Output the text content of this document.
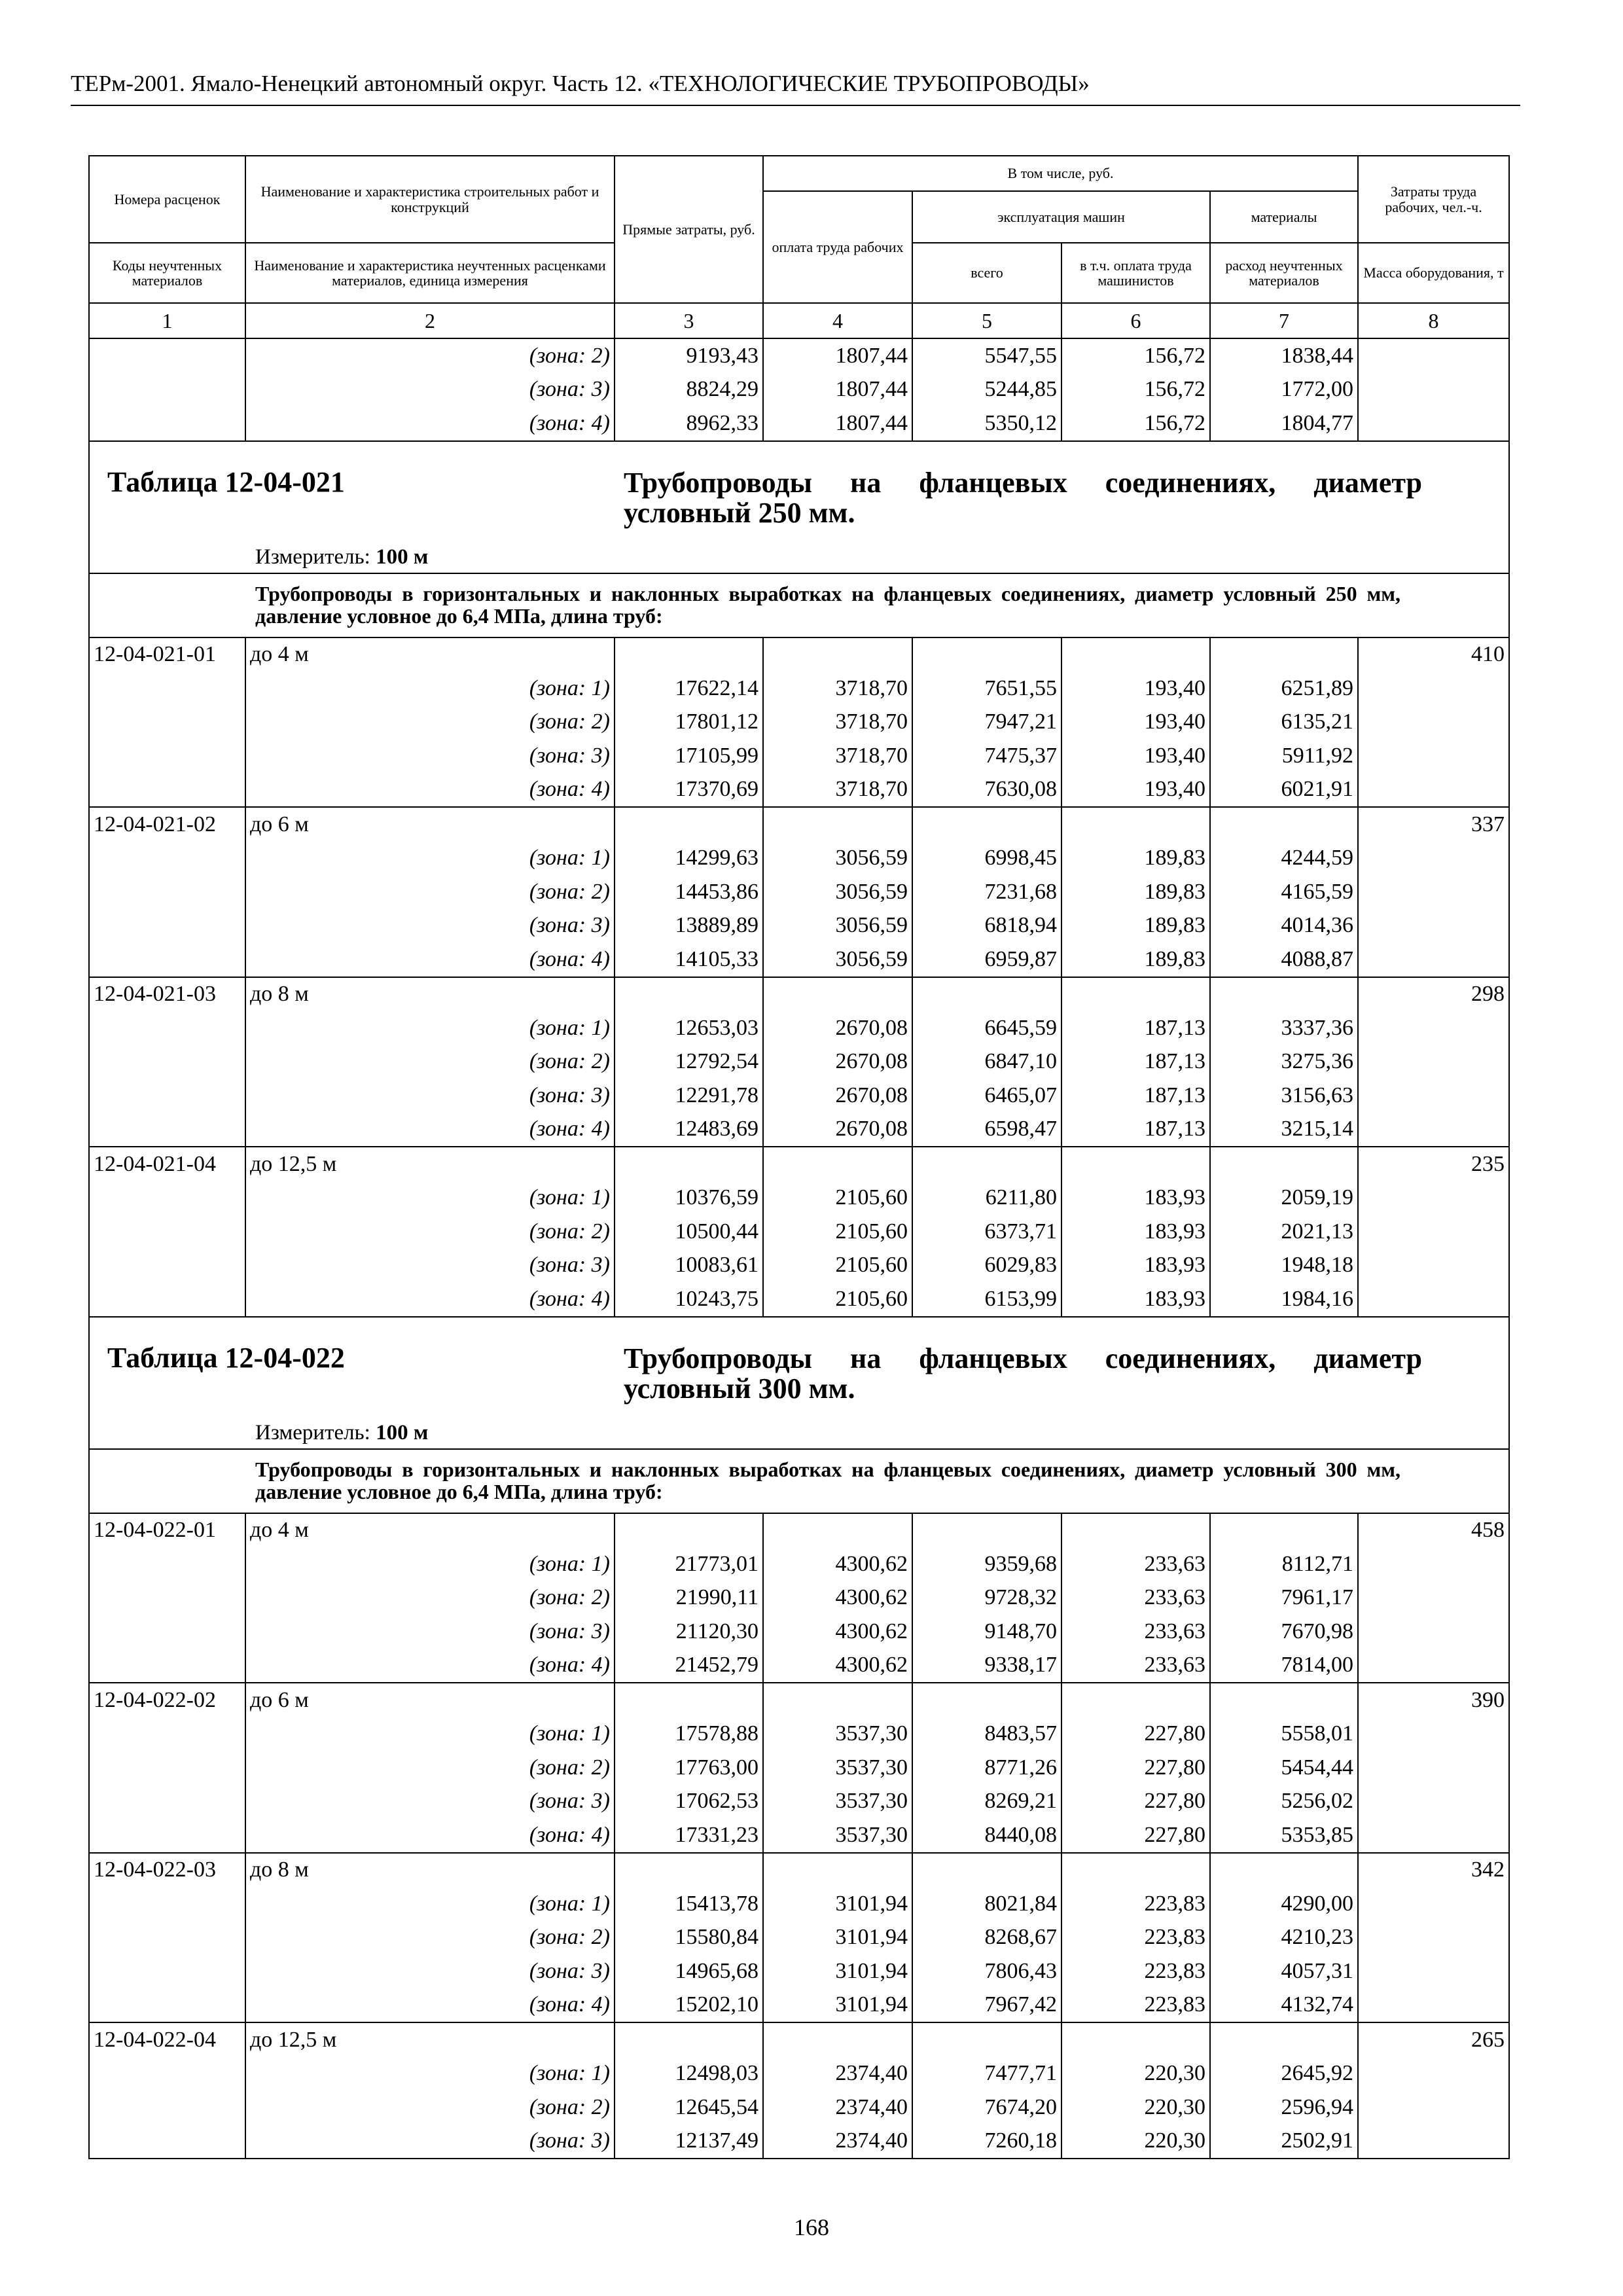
ТЕРм-2001. Ямало-Ненецкий автономный округ. Часть 12. «ТЕХНОЛОГИЧЕСКИЕ ТРУБОПРОВОДЫ»
Номера расценок	Наименование и характеристика строительных работ и конструкций	Прямые затраты, руб.	В том числе, руб.				Затраты труда рабочих, чел.-ч.
			оплата труда рабочих	эксплуатация машин		материалы	
Коды неучтенных материалов	Наименование и характеристика неучтенных расценками материалов, единица измерения			всего	в т.ч. оплата труда машинистов	расход неучтенных материалов	Масса оборудования, т
1	2	3	4	5	6	7	8
	(зона: 2)	9193,43	1807,44	5547,55	156,72	1838,44	
	(зона: 3)	8824,29	1807,44	5244,85	156,72	1772,00	
	(зона: 4)	8962,33	1807,44	5350,12	156,72	1804,77	

Таблица 12-04-021 Трубопроводы на фланцевых соединениях, диаметр условный 250 мм.
Измеритель: 100 м							

Трубопроводы в горизонтальных и наклонных выработках на фланцевых соединениях, диаметр условный 250 мм, давление условное до 6,4 МПа, длина труб:							

12-04-021-01	до 4 м						410
	(зона: 1)	17622,14	3718,70	7651,55	193,40	6251,89	
	(зона: 2)	17801,12	3718,70	7947,21	193,40	6135,21	
	(зона: 3)	17105,99	3718,70	7475,37	193,40	5911,92	
	(зона: 4)	17370,69	3718,70	7630,08	193,40	6021,91	
12-04-021-02	до 6 м						337
	(зона: 1)	14299,63	3056,59	6998,45	189,83	4244,59	
	(зона: 2)	14453,86	3056,59	7231,68	189,83	4165,59	
	(зона: 3)	13889,89	3056,59	6818,94	189,83	4014,36	
	(зона: 4)	14105,33	3056,59	6959,87	189,83	4088,87	
12-04-021-03	до 8 м						298
	(зона: 1)	12653,03	2670,08	6645,59	187,13	3337,36	
	(зона: 2)	12792,54	2670,08	6847,10	187,13	3275,36	
	(зона: 3)	12291,78	2670,08	6465,07	187,13	3156,63	
	(зона: 4)	12483,69	2670,08	6598,47	187,13	3215,14	
12-04-021-04	до 12,5 м						235
	(зона: 1)	10376,59	2105,60	6211,80	183,93	2059,19	
	(зона: 2)	10500,44	2105,60	6373,71	183,93	2021,13	
	(зона: 3)	10083,61	2105,60	6029,83	183,93	1948,18	
	(зона: 4)	10243,75	2105,60	6153,99	183,93	1984,16	

Таблица 12-04-022 Трубопроводы на фланцевых соединениях, диаметр условный 300 мм.
Измеритель: 100 м							

Трубопроводы в горизонтальных и наклонных выработках на фланцевых соединениях, диаметр условный 300 мм, давление условное до 6,4 МПа, длина труб:							

12-04-022-01	до 4 м						458
	(зона: 1)	21773,01	4300,62	9359,68	233,63	8112,71	
	(зона: 2)	21990,11	4300,62	9728,32	233,63	7961,17	
	(зона: 3)	21120,30	4300,62	9148,70	233,63	7670,98	
	(зона: 4)	21452,79	4300,62	9338,17	233,63	7814,00	
12-04-022-02	до 6 м						390
	(зона: 1)	17578,88	3537,30	8483,57	227,80	5558,01	
	(зона: 2)	17763,00	3537,30	8771,26	227,80	5454,44	
	(зона: 3)	17062,53	3537,30	8269,21	227,80	5256,02	
	(зона: 4)	17331,23	3537,30	8440,08	227,80	5353,85	
12-04-022-03	до 8 м						342
	(зона: 1)	15413,78	3101,94	8021,84	223,83	4290,00	
	(зона: 2)	15580,84	3101,94	8268,67	223,83	4210,23	
	(зона: 3)	14965,68	3101,94	7806,43	223,83	4057,31	
	(зона: 4)	15202,10	3101,94	7967,42	223,83	4132,74	
12-04-022-04	до 12,5 м						265
	(зона: 1)	12498,03	2374,40	7477,71	220,30	2645,92	
	(зона: 2)	12645,54	2374,40	7674,20	220,30	2596,94	
	(зона: 3)	12137,49	2374,40	7260,18	220,30	2502,91	
168
